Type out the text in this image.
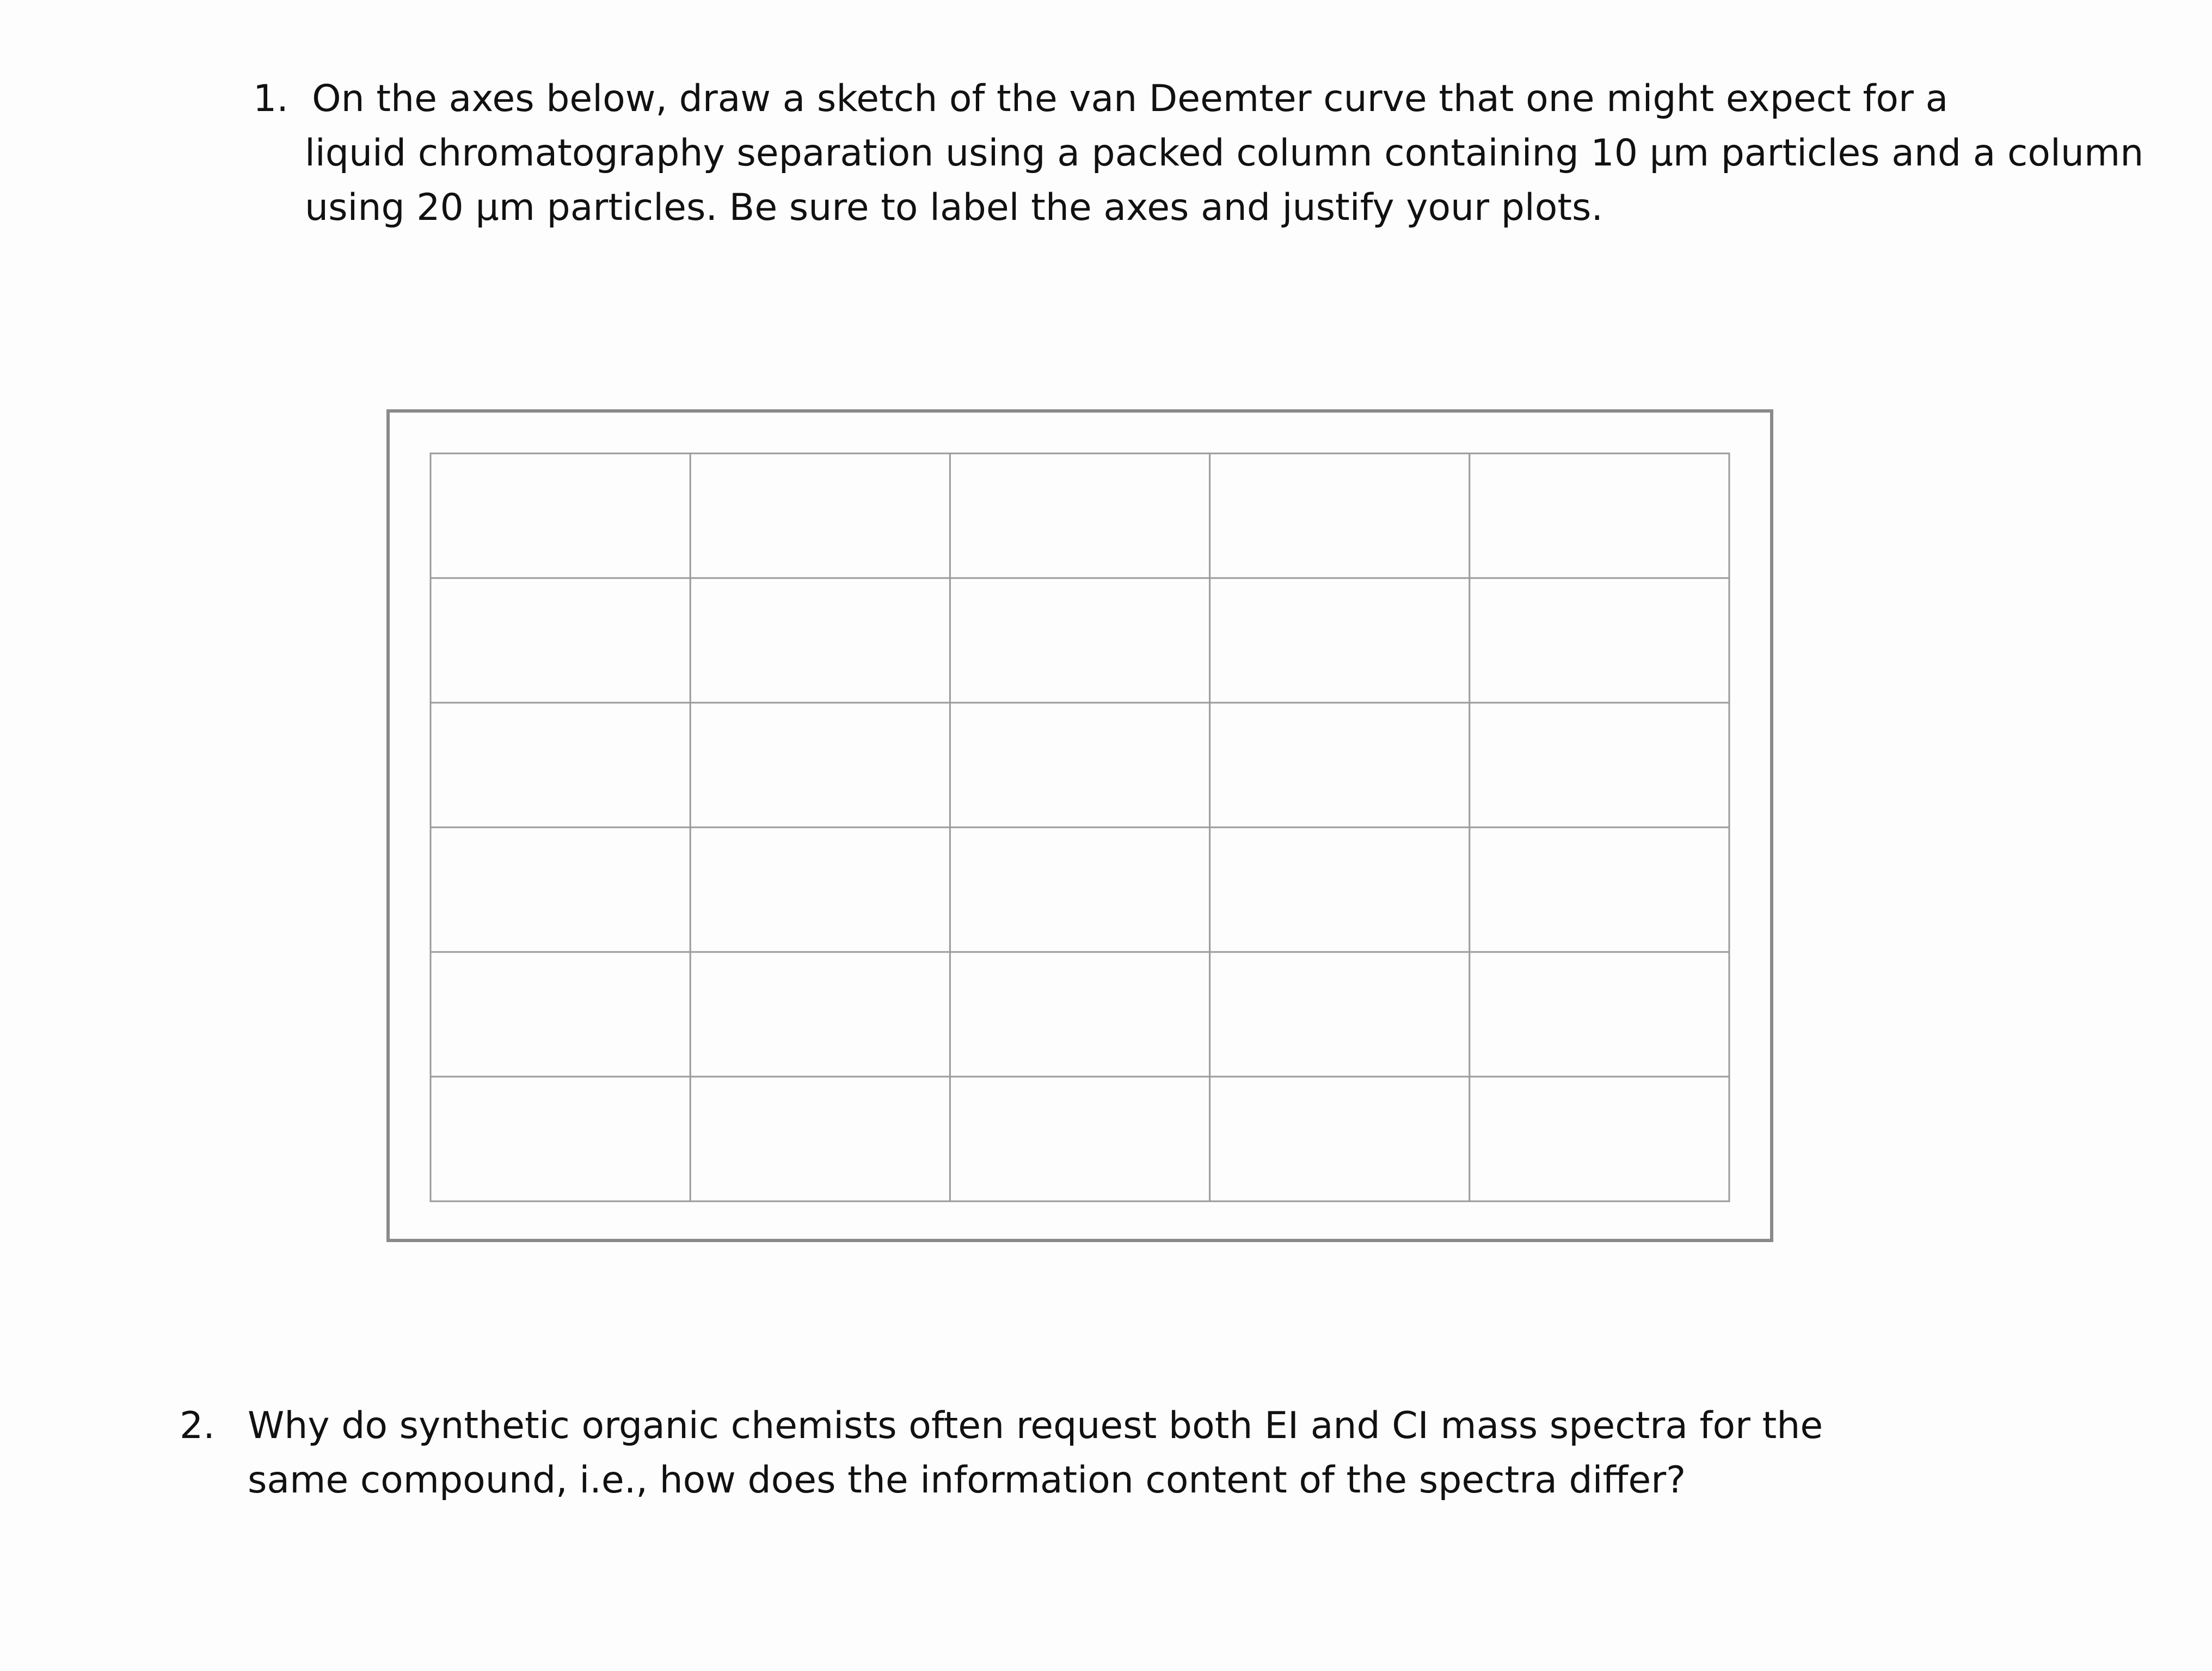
1. On the axes below, draw a sketch of the van Deemter curve that one might expect for a
liquid chromatography separation using a packed column containing 10 μm particles and a column
using 20 μm particles. Be sure to label the axes and justify your plots.
2. Why do synthetic organic chemists often request both EI and CI mass spectra for the
same compound, i.e., how does the information content of the spectra differ?
